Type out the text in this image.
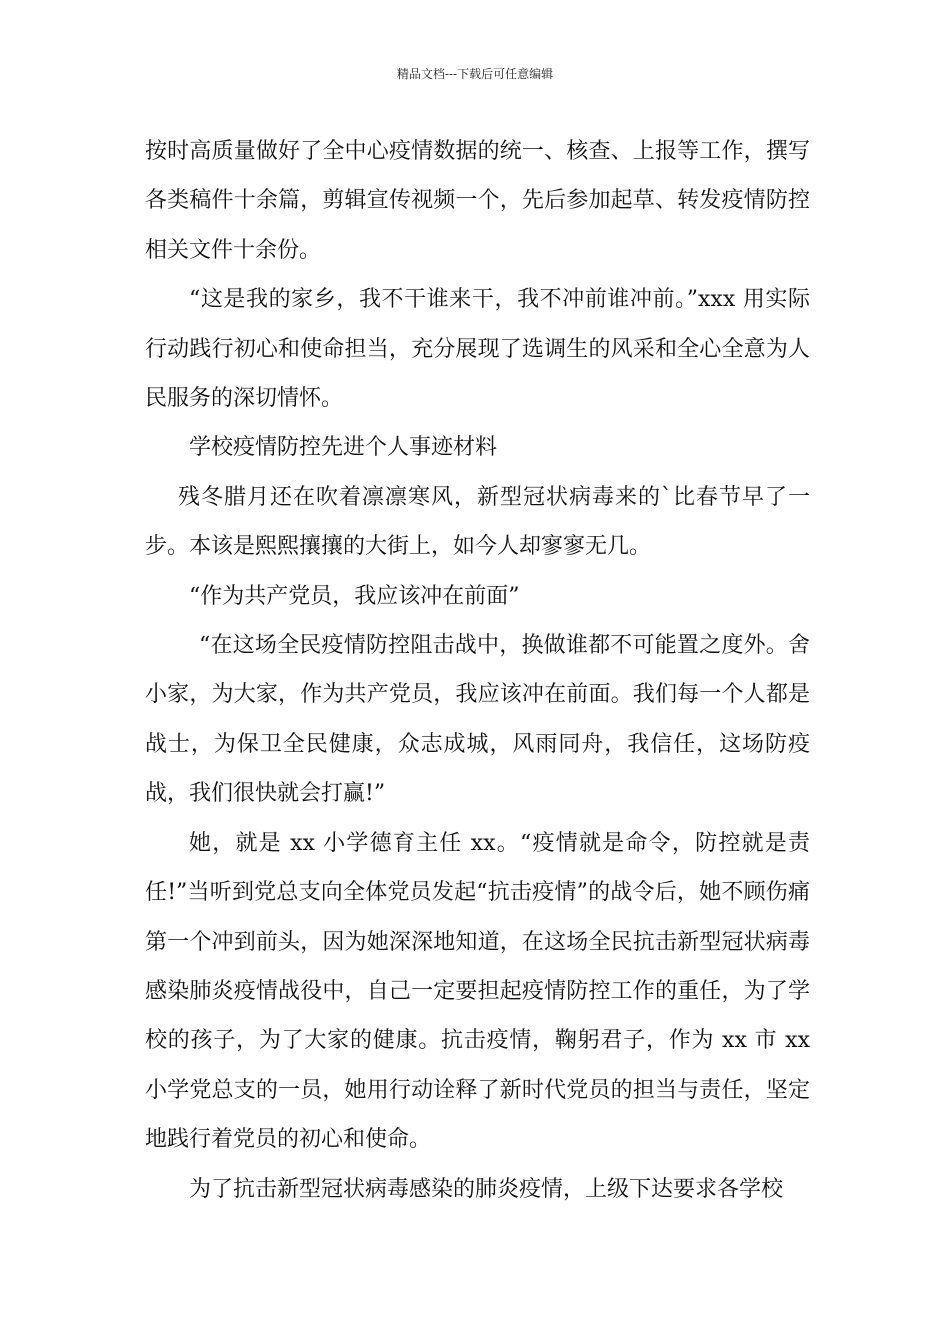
精品文档---下载后可任意编辑

按时高质量做好了全中心疫情数据的统一、核查、上报等工作，撰写各类稿件十余篇，剪辑宣传视频一个，先后参加起草、转发疫情防控相关文件十余份。

“这是我的家乡，我不干谁来干，我不冲前谁冲前。”xxx 用实际行动践行初心和使命担当，充分展现了选调生的风采和全心全意为人民服务的深切情怀。

学校疫情防控先进个人事迹材料

残冬腊月还在吹着凛凛寒风，新型冠状病毒来的`比春节早了一步。本该是熙熙攘攘的大街上，如今人却寥寥无几。

“作为共产党员，我应该冲在前面”

“在这场全民疫情防控阻击战中，换做谁都不可能置之度外。舍小家，为大家，作为共产党员，我应该冲在前面。我们每一个人都是战士，为保卫全民健康，众志成城，风雨同舟，我信任，这场防疫战，我们很快就会打赢!”

她，就是 xx 小学德育主任 xx。“疫情就是命令，防控就是责任!”当听到党总支向全体党员发起“抗击疫情”的战令后，她不顾伤痛第一个冲到前头，因为她深深地知道，在这场全民抗击新型冠状病毒感染肺炎疫情战役中，自己一定要担起疫情防控工作的重任，为了学校的孩子，为了大家的健康。抗击疫情，鞠躬君子，作为 xx 市 xx 小学党总支的一员，她用行动诠释了新时代党员的担当与责任，坚定地践行着党员的初心和使命。

为了抗击新型冠状病毒感染的肺炎疫情，上级下达要求各学校
